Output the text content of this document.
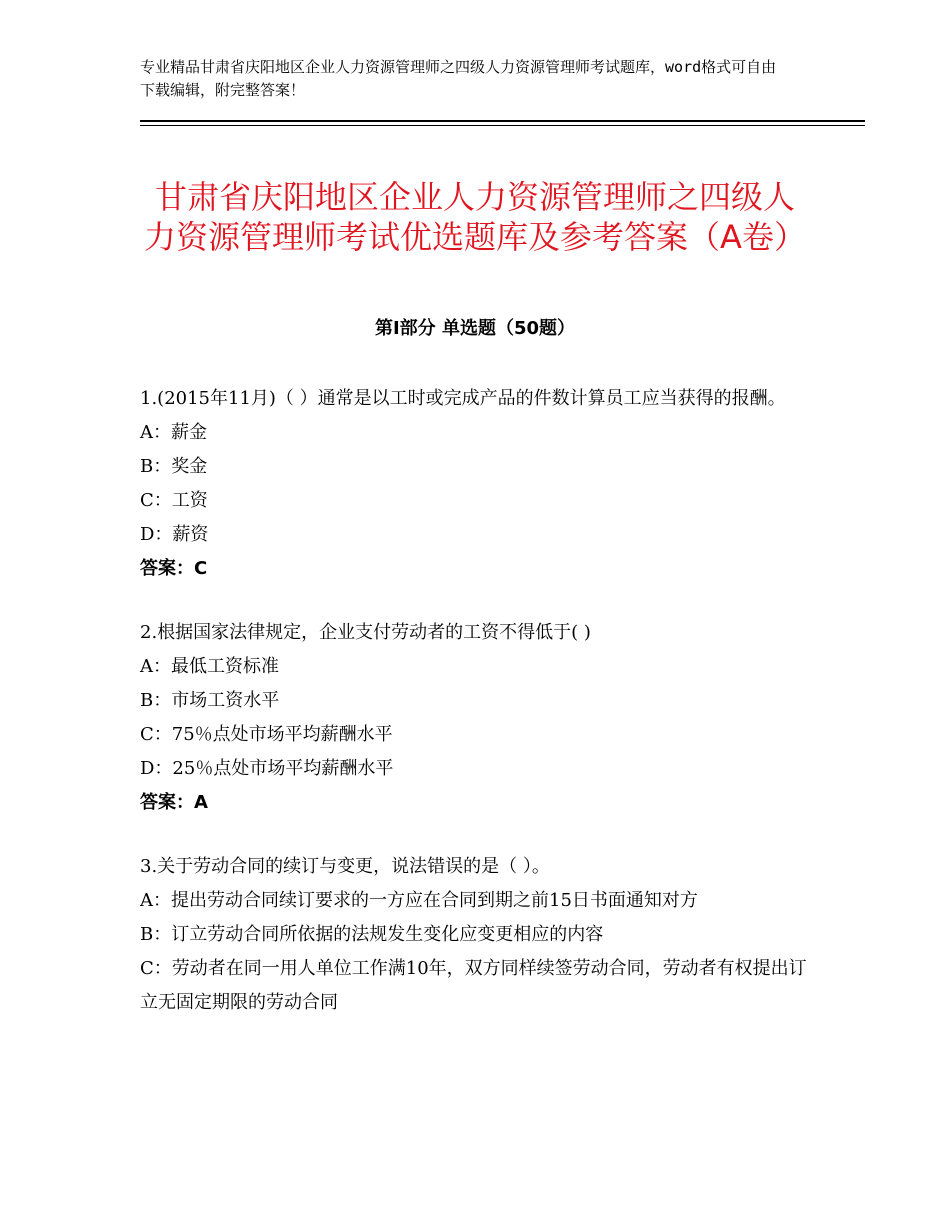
专业精品甘肃省庆阳地区企业人力资源管理师之四级人力资源管理师考试题库，word格式可自由下载编辑，附完整答案！
甘肃省庆阳地区企业人力资源管理师之四级人力资源管理师考试优选题库及参考答案（A卷）
第Ⅰ部分 单选题（50题）

1.(2015年11月)（ ）通常是以工时或完成产品的件数计算员工应当获得的报酬。

A：薪金

B：奖金

C：工资

D：薪资

答案：C

2.根据国家法律规定，企业支付劳动者的工资不得低于( )

A：最低工资标准

B：市场工资水平

C：75％点处市场平均薪酬水平

D：25％点处市场平均薪酬水平

答案：A

3.关于劳动合同的续订与变更，说法错误的是（ ）。

A：提出劳动合同续订要求的一方应在合同到期之前15日书面通知对方

B：订立劳动合同所依据的法规发生变化应变更相应的内容

C：劳动者在同一用人单位工作满10年，双方同样续签劳动合同，劳动者有权提出订立无固定期限的劳动合同
